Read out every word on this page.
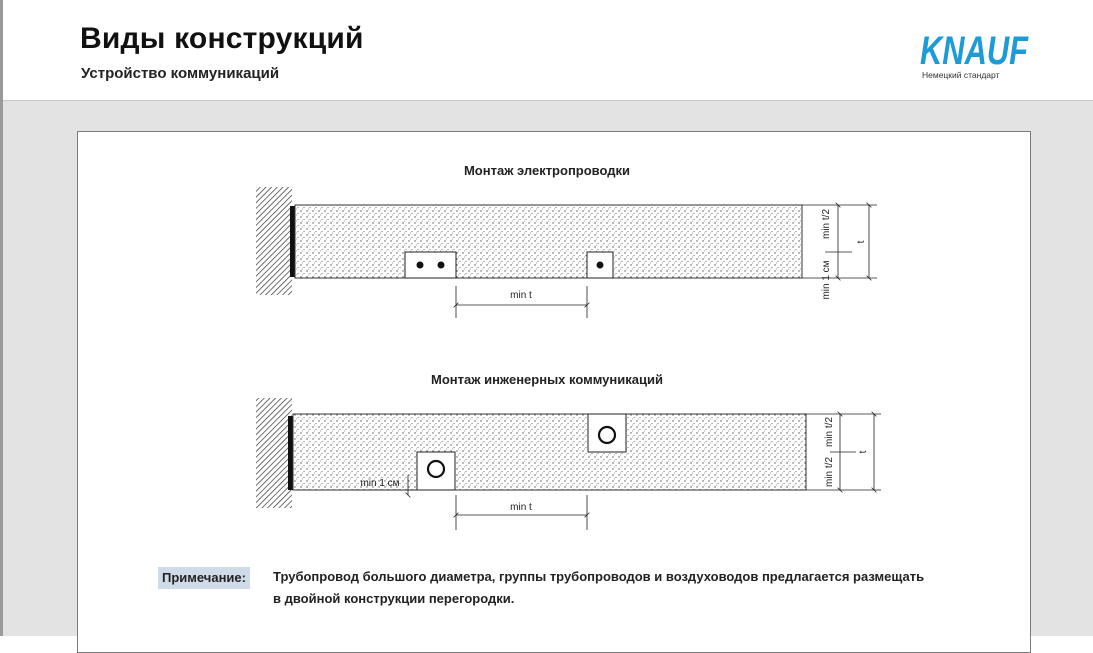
Виды конструкций
Устройство коммуникаций
KNAUF
Немецкий стандарт
min t
min t/2
min 1 см
t
min 1 см
min t
min t/2
min t/2
t
Монтаж электропроводки
Монтаж инженерных коммуникаций
Примечание:	Трубопровод большого диаметра, группы трубопроводов и воздуховодов предлагается размещать
в двойной конструкции перегородки.
